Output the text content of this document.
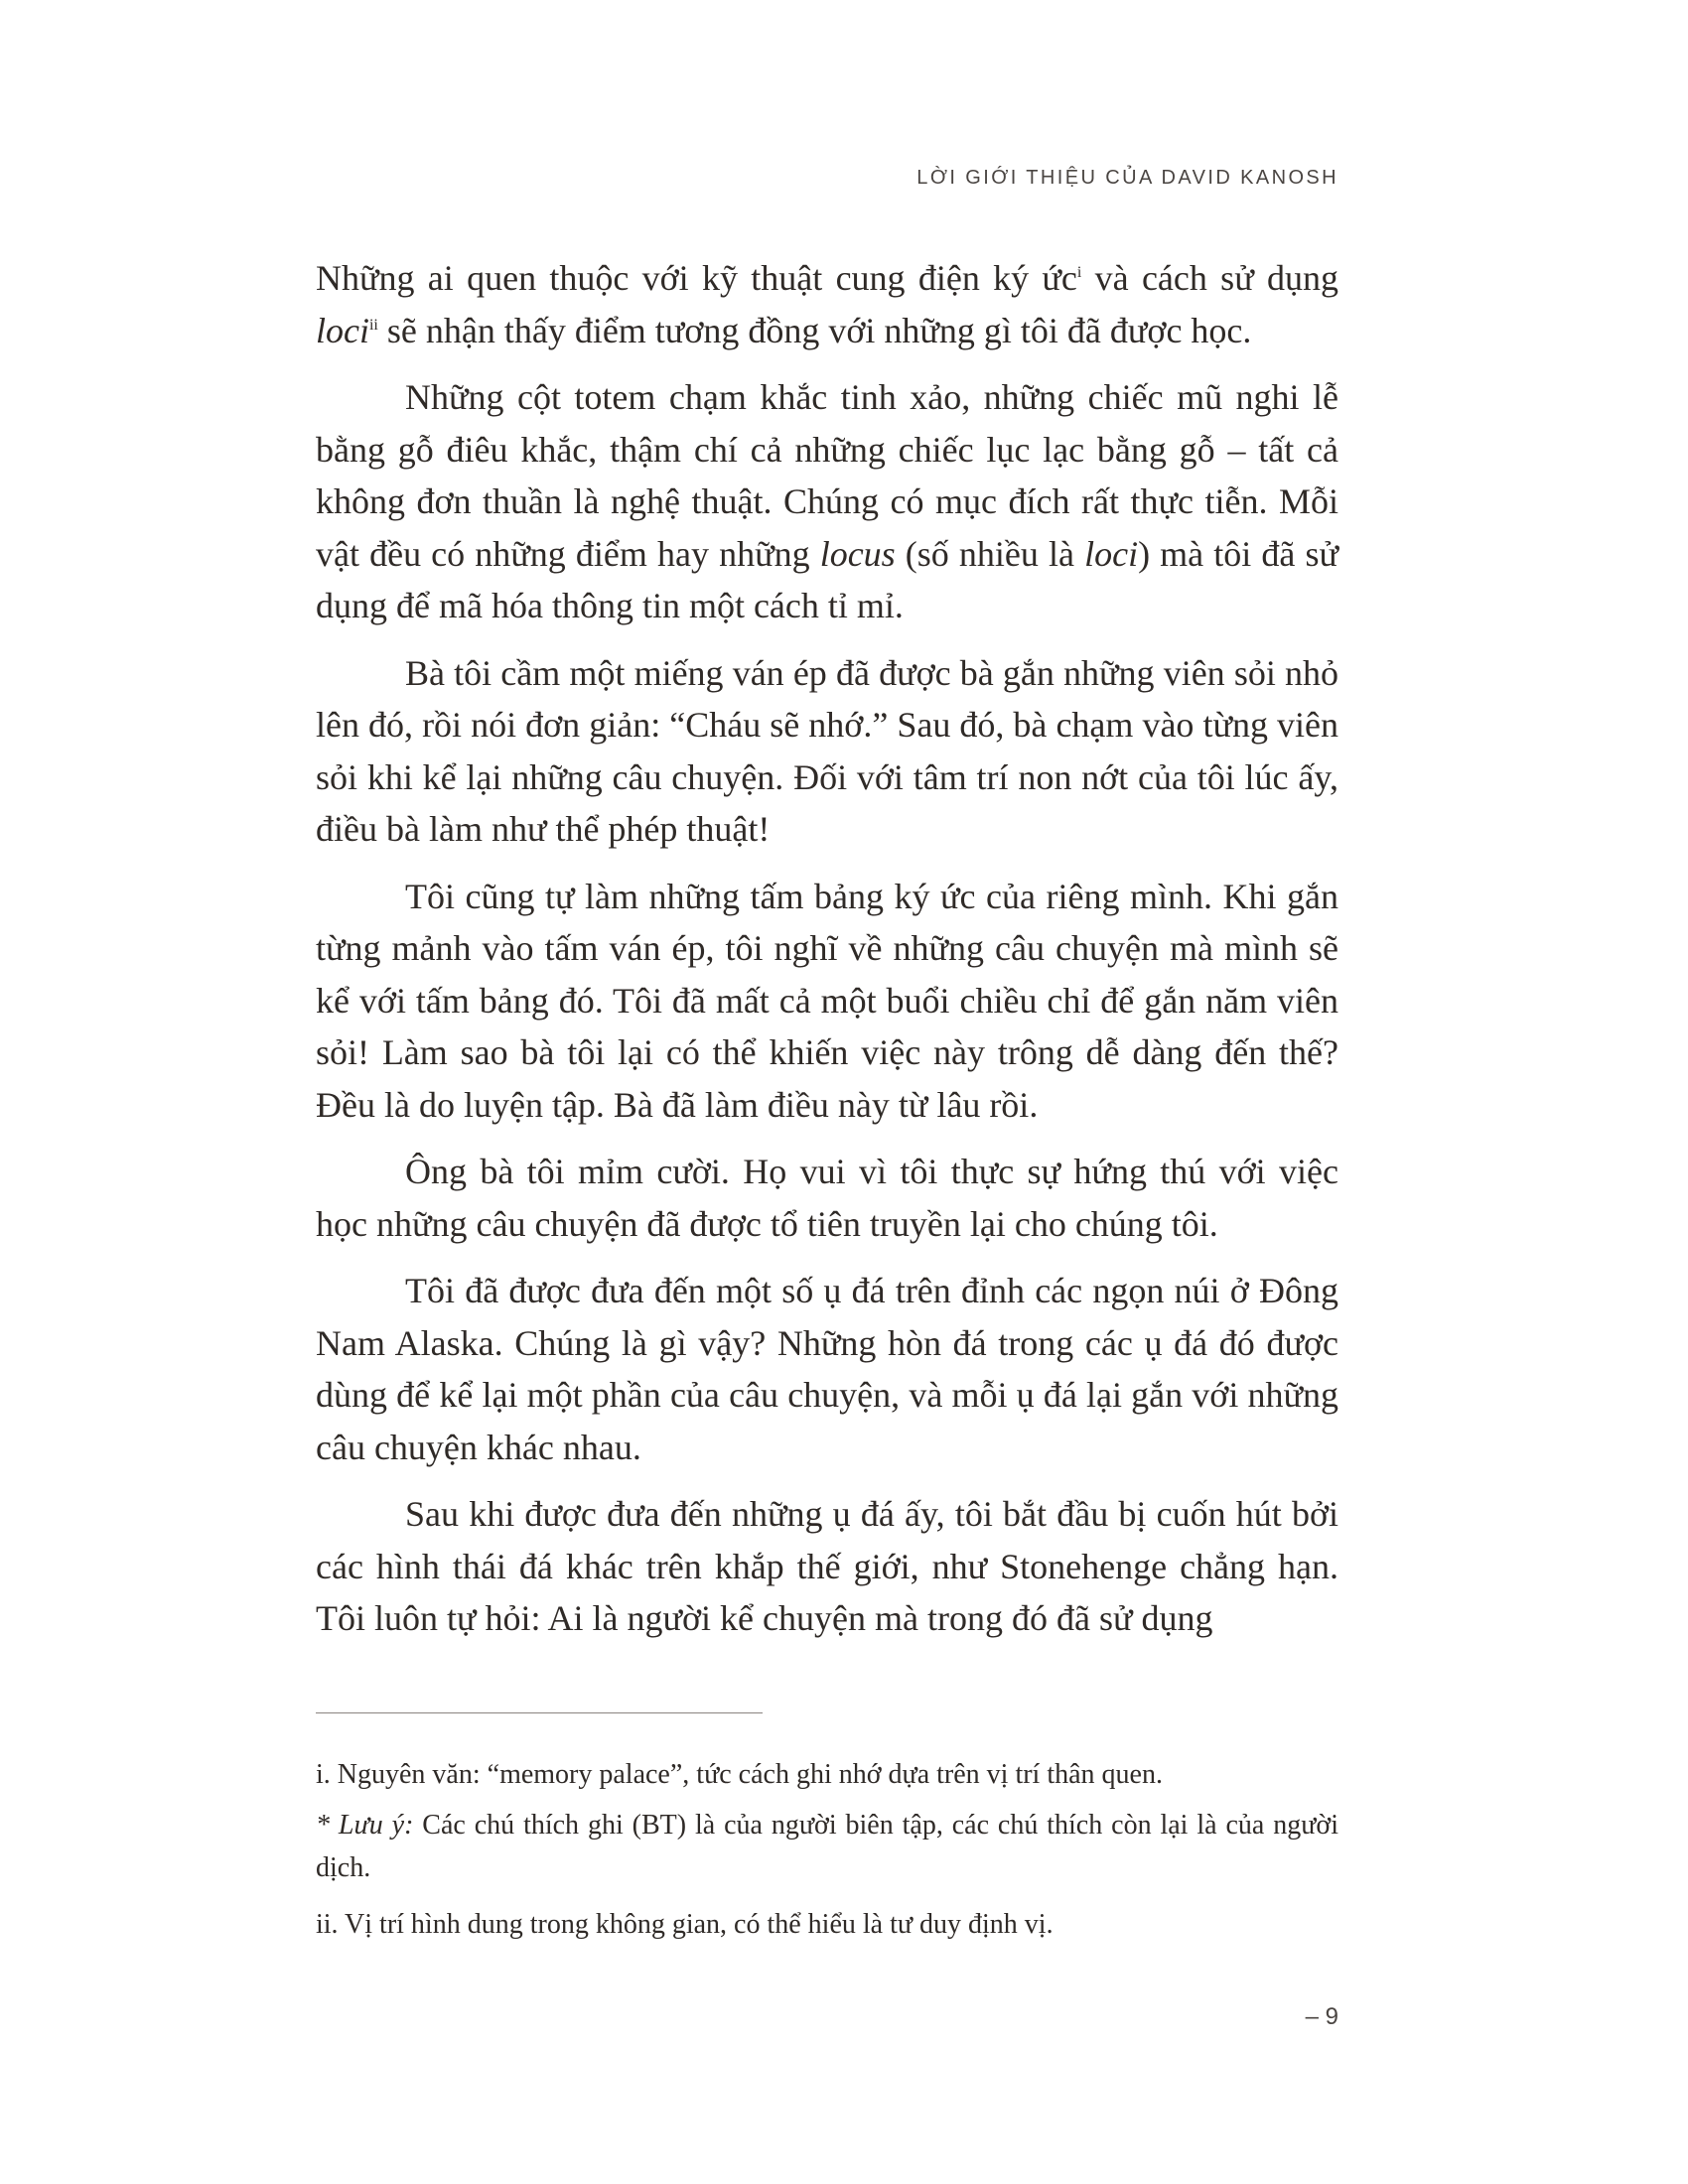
LỜI GIỚI THIỆU CỦA DAVID KANOSH

Những ai quen thuộc với kỹ thuật cung điện ký ức$^i$ và cách sử dụng loci$^{ii}$ sẽ nhận thấy điểm tương đồng với những gì tôi đã được học.

Những cột totem chạm khắc tinh xảo, những chiếc mũ nghi lễ bằng gỗ điêu khắc, thậm chí cả những chiếc lục lạc bằng gỗ – tất cả không đơn thuần là nghệ thuật. Chúng có mục đích rất thực tiễn. Mỗi vật đều có những điểm hay những locus (số nhiều là loci) mà tôi đã sử dụng để mã hóa thông tin một cách tỉ mỉ.

Bà tôi cầm một miếng ván ép đã được bà gắn những viên sỏi nhỏ lên đó, rồi nói đơn giản: “Cháu sẽ nhớ.” Sau đó, bà chạm vào từng viên sỏi khi kể lại những câu chuyện. Đối với tâm trí non nớt của tôi lúc ấy, điều bà làm như thể phép thuật!

Tôi cũng tự làm những tấm bảng ký ức của riêng mình. Khi gắn từng mảnh vào tấm ván ép, tôi nghĩ về những câu chuyện mà mình sẽ kể với tấm bảng đó. Tôi đã mất cả một buổi chiều chỉ để gắn năm viên sỏi! Làm sao bà tôi lại có thể khiến việc này trông dễ dàng đến thế? Đều là do luyện tập. Bà đã làm điều này từ lâu rồi.

Ông bà tôi mỉm cười. Họ vui vì tôi thực sự hứng thú với việc học những câu chuyện đã được tổ tiên truyền lại cho chúng tôi.

Tôi đã được đưa đến một số ụ đá trên đỉnh các ngọn núi ở Đông Nam Alaska. Chúng là gì vậy? Những hòn đá trong các ụ đá đó được dùng để kể lại một phần của câu chuyện, và mỗi ụ đá lại gắn với những câu chuyện khác nhau.

Sau khi được đưa đến những ụ đá ấy, tôi bắt đầu bị cuốn hút bởi các hình thái đá khác trên khắp thế giới, như Stonehenge chẳng hạn. Tôi luôn tự hỏi: Ai là người kể chuyện mà trong đó đã sử dụng

i. Nguyên văn: “memory palace”, tức cách ghi nhớ dựa trên vị trí thân quen.

* Lưu ý: Các chú thích ghi (BT) là của người biên tập, các chú thích còn lại là của người dịch.

ii. Vị trí hình dung trong không gian, có thể hiểu là tư duy định vị.

– 9
